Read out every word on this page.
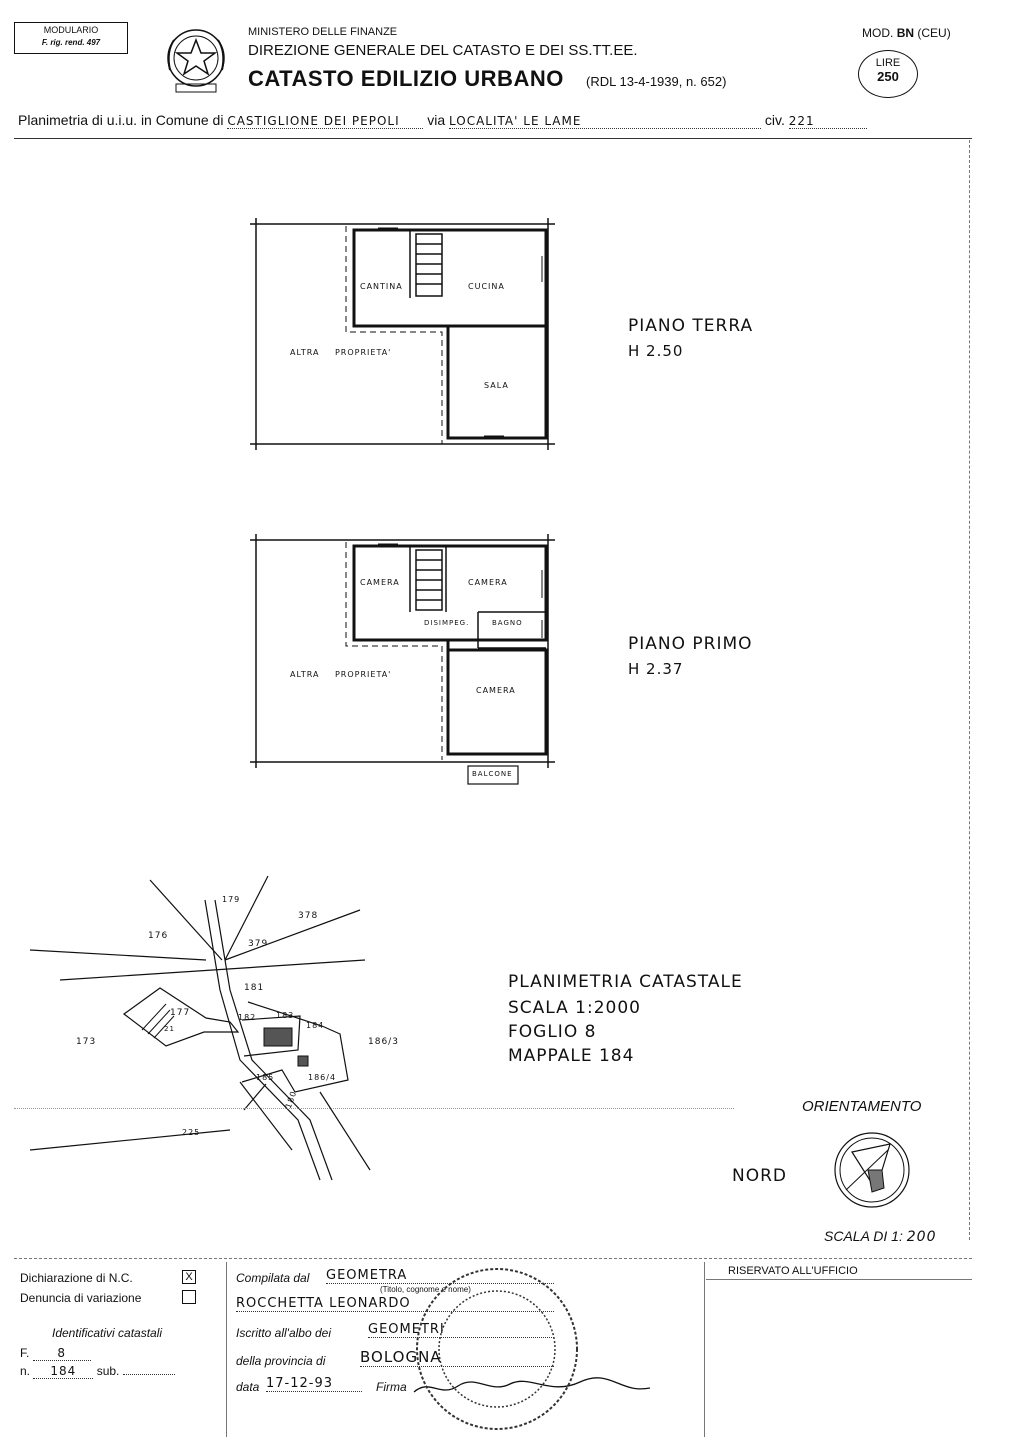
MODULARIO
F. rig. rend. 497
MINISTERO DELLE FINANZE
DIREZIONE GENERALE DEL CATASTO E DEI SS.TT.EE.
CATASTO EDILIZIO URBANO (RDL 13-4-1939, n. 652)
MOD. BN (CEU)
LIRE
250
Planimetria di u.i.u. in Comune di CASTIGLIONE DEI PEPOLI via LOCALITA' LE LAME	civ. 221
CANTINA	CUCINA
ALTRA PROPRIETA'
SALA
PIANO TERRA
H 2.50
CAMERA	CAMERA
DISIMPEG.	BAGNO
ALTRA PROPRIETA'
CAMERA
BALCONE
PIANO PRIMO
H 2.37
179
378
176
379
181
177	182 183
184
173	186/3
185	186/4
180
225
21
PLANIMETRIA CATASTALE
SCALA 1:2000
FOGLIO 8
MAPPALE 184
ORIENTAMENTO
NORD
SCALA DI 1: 200
Dichiarazione di N.C.	X
Denuncia di variazione
Identificativi catastali
F. 8
n. 184 sub.
Compilata dal GEOMETRA
(Titolo, cognome e nome)
ROCCHETTA LEONARDO
Iscritto all'albo dei	GEOMETRI
della provincia di BOLOGNA
data 17-12-93	Firma
RISERVATO ALL'UFFICIO
